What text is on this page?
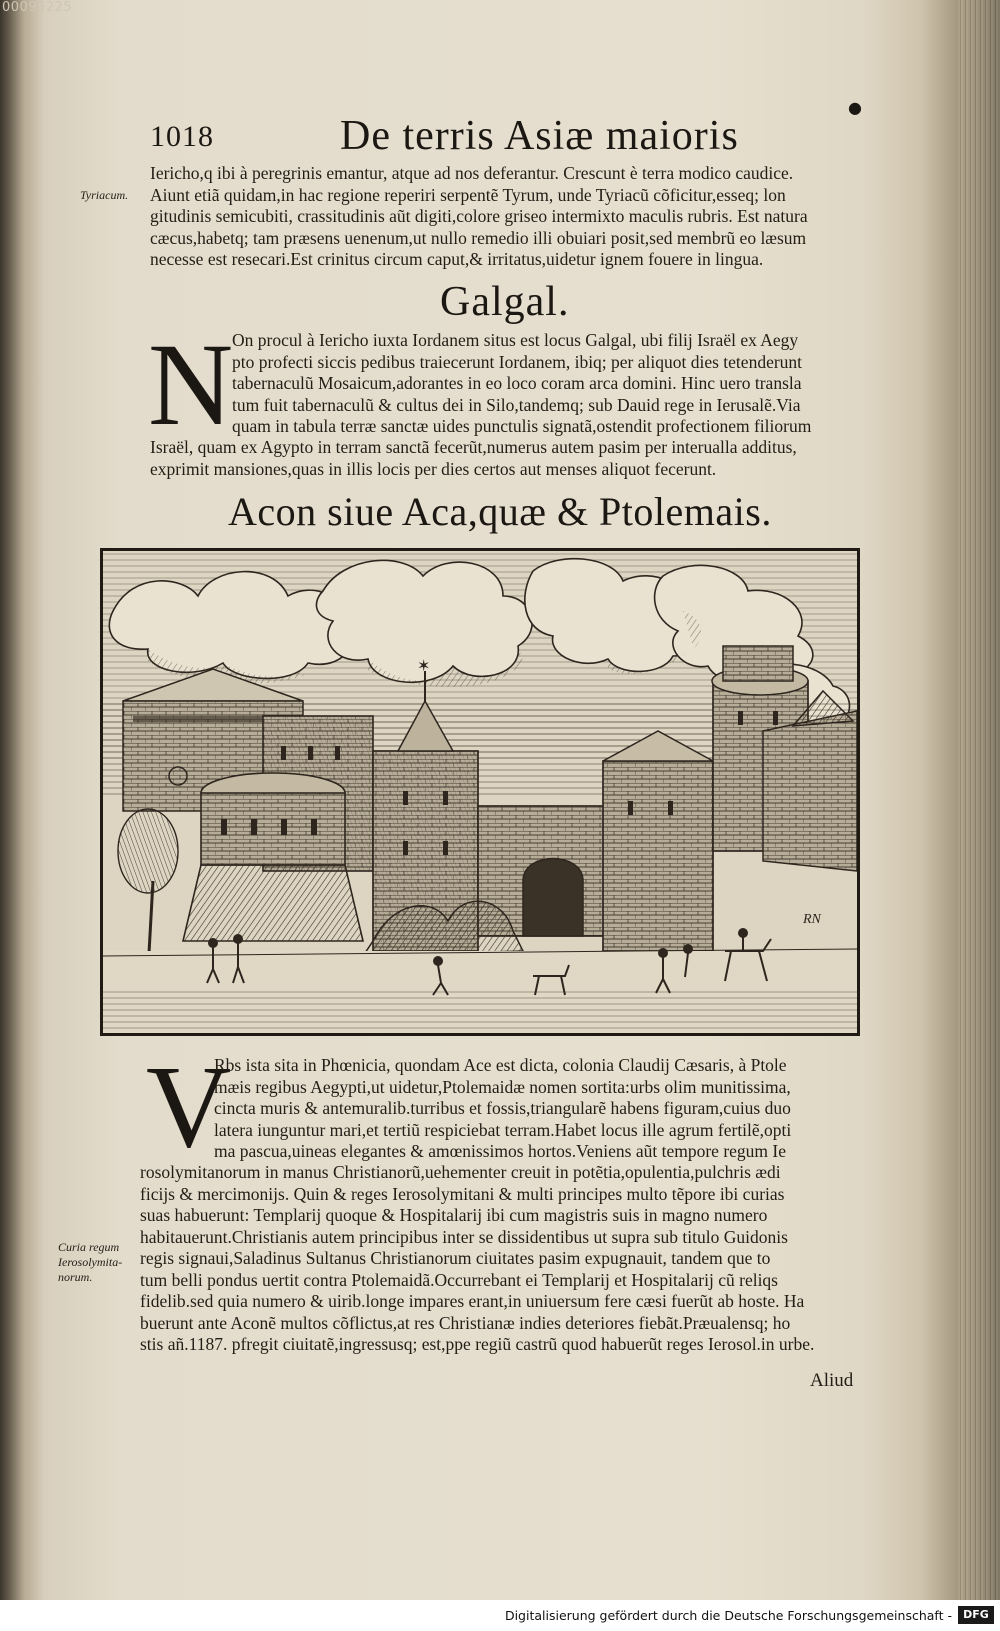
00096225
1018	De terris Asiæ maioris
●
Tyriacum.
Iericho,q ibi à peregrinis emantur, atque ad nos deferantur. Crescunt è terra modico caudice.
Aiunt etiã quidam,in hac regione reperiri serpentẽ Tyrum, unde Tyriacũ cõficitur,esseq; lon
gitudinis semicubiti, crassitudinis aũt digiti,colore griseo intermixto maculis rubris. Est natura
cæcus,habetq; tam præsens uenenum,ut nullo remedio illi obuiari posit,sed membrũ eo læsum
necesse est resecari.Est crinitus circum caput,& irritatus,uidetur ignem fouere in lingua.
Galgal.
N
On procul à Iericho iuxta Iordanem situs est locus Galgal, ubi filij Israël ex Aegy
pto profecti siccis pedibus traiecerunt Iordanem, ibiq; per aliquot dies tetenderunt
tabernaculũ Mosaicum,adorantes in eo loco coram arca domini. Hinc uero transla
tum fuit tabernaculũ & cultus dei in Silo,tandemq; sub Dauid rege in Ierusalẽ.Via
quam in tabula terræ sanctæ uides punctulis signatã,ostendit profectionem filiorum
Israël, quam ex Agypto in terram sanctã fecerũt,numerus autem pasim per interualla additus,
exprimit mansiones,quas in illis locis per dies certos aut menses aliquot fecerunt.
Acon siue Aca,quæ & Ptolemais.
✶
RN
V
Rbs ista sita in Phœnicia, quondam Ace est dicta, colonia Claudij Cæsaris, à Ptole
mæis regibus Aegypti,ut uidetur,Ptolemaidæ nomen sortita:urbs olim munitissima,
cincta muris & antemuralib.turribus et fossis,triangularẽ habens figuram,cuius duo
latera iunguntur mari,et tertiũ respiciebat terram.Habet locus ille agrum fertilẽ,opti
ma pascua,uineas elegantes & amœnissimos hortos.Veniens aũt tempore regum Ie
rosolymitanorum in manus Christianorũ,uehementer creuit in potẽtia,opulentia,pulchris ædi
ficijs & mercimonijs. Quin & reges Ierosolymitani & multi principes multo tẽpore ibi curias
suas habuerunt: Templarij quoque & Hospitalarij ibi cum magistris suis in magno numero
habitauerunt.Christianis autem principibus inter se dissidentibus ut supra sub titulo Guidonis
regis signaui,Saladinus Sultanus Christianorum ciuitates pasim expugnauit, tandem que to
tum belli pondus uertit contra Ptolemaidã.Occurrebant ei Templarij et Hospitalarij cũ reliqs
fidelib.sed quia numero & uirib.longe impares erant,in uniuersum fere cæsi fuerũt ab hoste. Ha
buerunt ante Aconẽ multos cõflictus,at res Christianæ indies deteriores fiebãt.Præualensq; ho
stis añ.1187. pfregit ciuitatẽ,ingressusq; est,ppe regiũ castrũ quod habuerũt reges Ierosol.in urbe.
Curia regum
Ierosolymita-
norum.
Aliud
Digitalisierung gefördert durch die Deutsche Forschungsgemeinschaft -	DFG
